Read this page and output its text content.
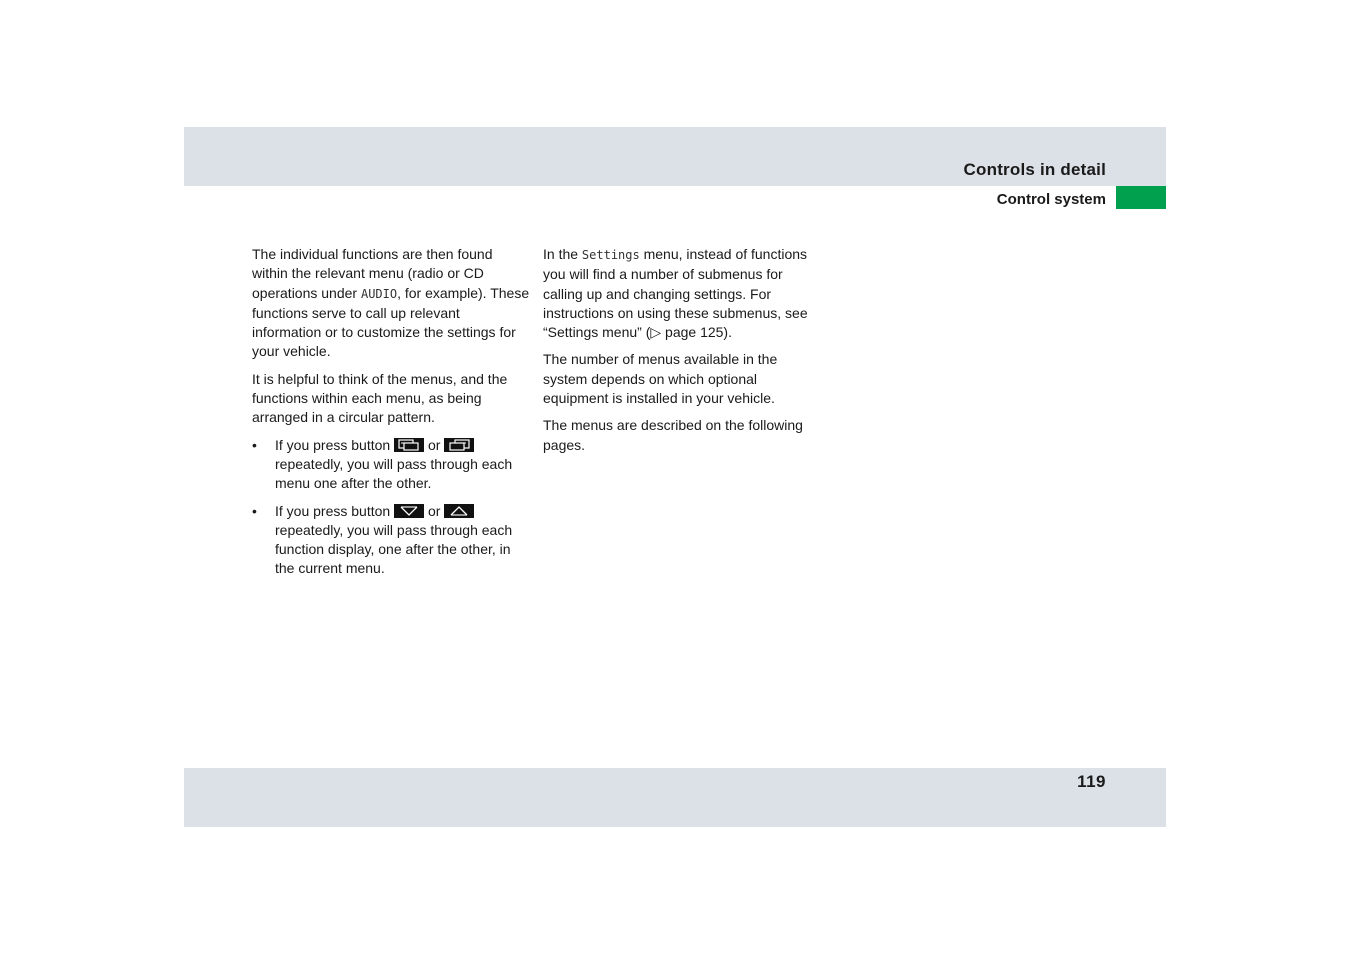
Controls in detail
Control system

The individual functions are then found within the relevant menu (radio or CD operations under AUDIO, for example). These functions serve to call up relevant information or to customize the settings for your vehicle.

It is helpful to think of the menus, and the functions within each menu, as being arranged in a circular pattern.

• If you press button	or
repeatedly, you will pass through each menu one after the other.
• If you press button	or
repeatedly, you will pass through each function display, one after the other, in the current menu.

In the Settings menu, instead of functions you will find a number of submenus for calling up and changing settings. For instructions on using these submenus, see “Settings menu” (▷ page 125).

The number of menus available in the system depends on which optional equipment is installed in your vehicle.

The menus are described on the following pages.

119
